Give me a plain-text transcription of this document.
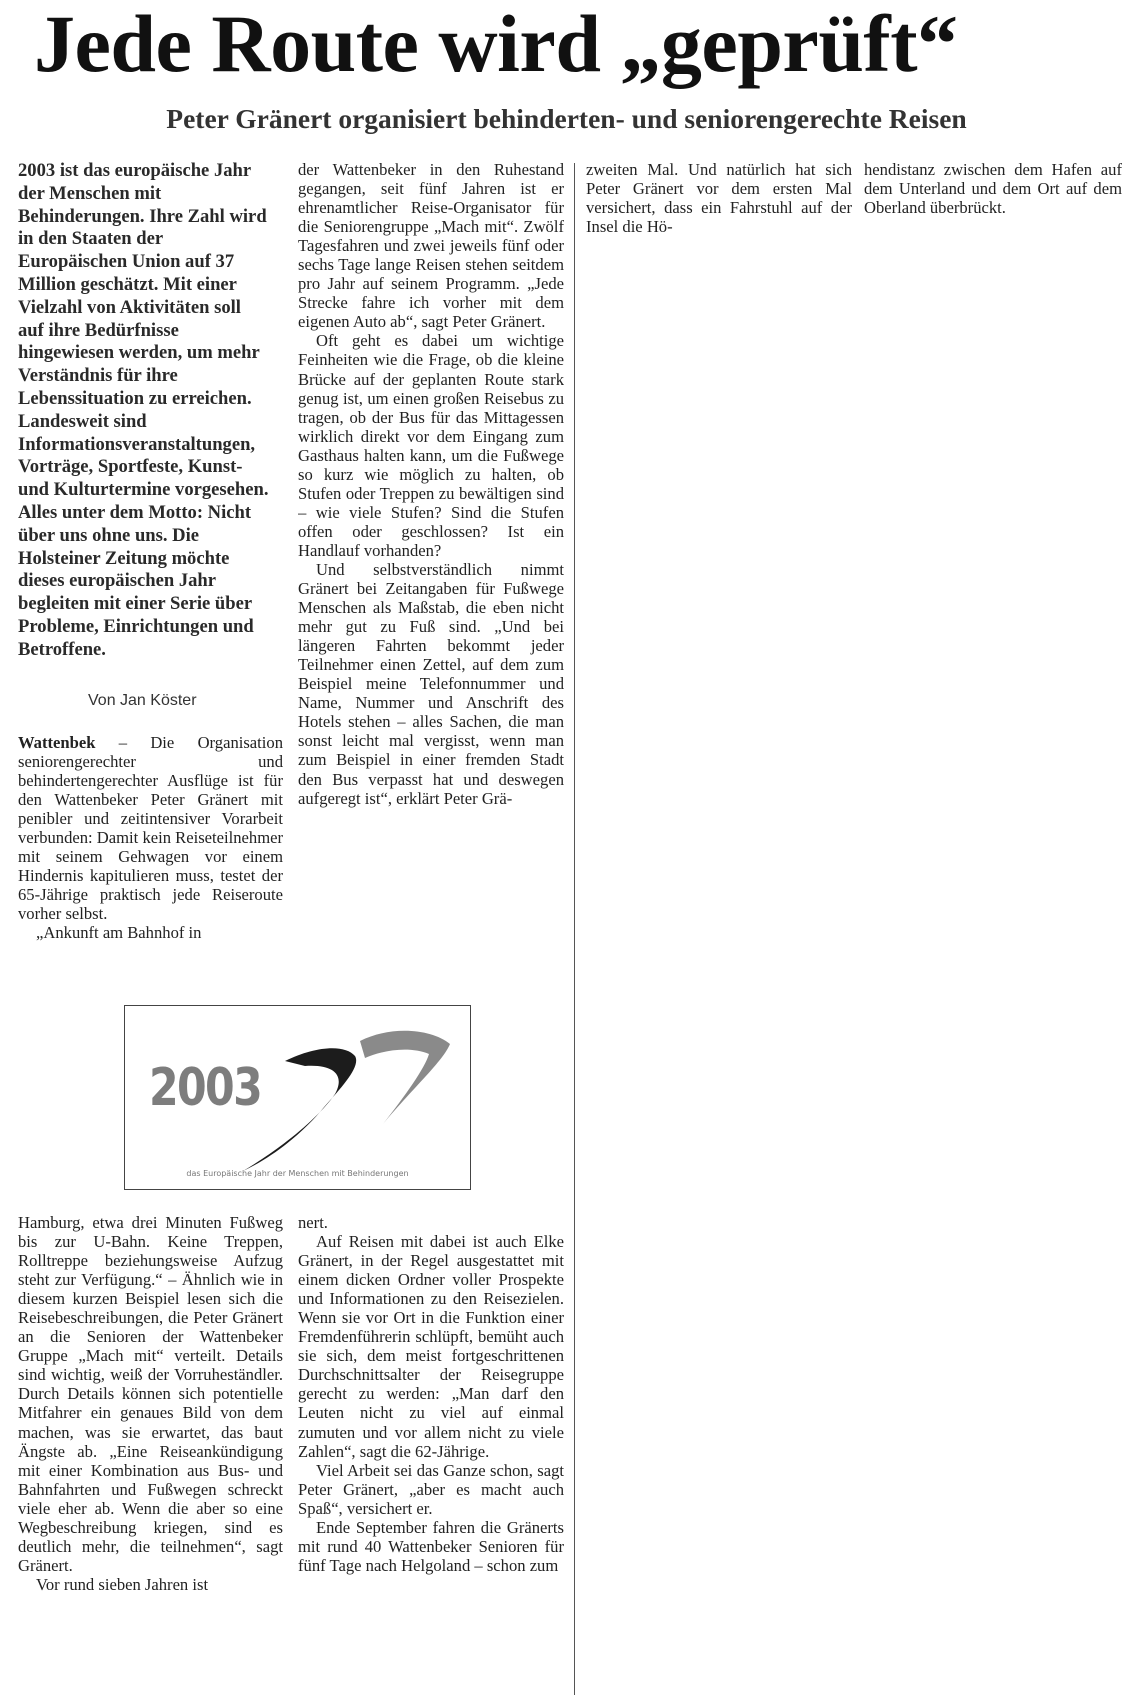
Jede Route wird „geprüft“
Peter Gränert organisiert behinderten- und seniorengerechte Reisen

2003 ist das europäische Jahr der Menschen mit Behinderungen. Ihre Zahl wird in den Staaten der Europäischen Union auf 37 Million geschätzt. Mit einer Vielzahl von Aktivitäten soll auf ihre Bedürfnisse hingewiesen werden, um mehr Verständnis für ihre Lebenssituation zu erreichen. Landesweit sind Informationsveranstaltungen, Vorträge, Sportfeste, Kunst- und Kulturtermine vorgesehen. Alles unter dem Motto: Nicht über uns ohne uns. Die Holsteiner Zeitung möchte dieses europäischen Jahr begleiten mit einer Serie über Probleme, Einrichtungen und Betroffene.

Von Jan Köster

Wattenbek – Die Organisation seniorengerechter und behindertengerechter Ausflüge ist für den Wattenbeker Peter Gränert mit penibler und zeitintensiver Vorarbeit verbunden: Damit kein Reiseteilnehmer mit seinem Gehwagen vor einem Hindernis kapitulieren muss, testet der 65-Jährige praktisch jede Reiseroute vorher selbst.

„Ankunft am Bahnhof in

der Wattenbeker in den Ruhestand gegangen, seit fünf Jahren ist er ehrenamtlicher Reise-Organisator für die Seniorengruppe „Mach mit“. Zwölf Tagesfahren und zwei jeweils fünf oder sechs Tage lange Reisen stehen seitdem pro Jahr auf seinem Programm. „Jede Strecke fahre ich vorher mit dem eigenen Auto ab“, sagt Peter Gränert.

Oft geht es dabei um wichtige Feinheiten wie die Frage, ob die kleine Brücke auf der geplanten Route stark genug ist, um einen großen Reisebus zu tragen, ob der Bus für das Mittagessen wirklich direkt vor dem Eingang zum Gasthaus halten kann, um die Fußwege so kurz wie möglich zu halten, ob Stufen oder Treppen zu bewältigen sind – wie viele Stufen? Sind die Stufen offen oder geschlossen? Ist ein Handlauf vorhanden?

Und selbstverständlich nimmt Gränert bei Zeitangaben für Fußwege Menschen als Maßstab, die eben nicht mehr gut zu Fuß sind. „Und bei längeren Fahrten bekommt jeder Teilnehmer einen Zettel, auf dem zum Beispiel meine Telefonnummer und Name, Nummer und Anschrift des Hotels stehen – alles Sachen, die man sonst leicht mal vergisst, wenn man zum Beispiel in einer fremden Stadt den Bus verpasst hat und deswegen aufgeregt ist“, erklärt Peter Grä-

2003
das Europäische Jahr der Menschen mit Behinderungen

Hamburg, etwa drei Minuten Fußweg bis zur U-Bahn. Keine Treppen, Rolltreppe beziehungsweise Aufzug steht zur Verfügung.“ – Ähnlich wie in diesem kurzen Beispiel lesen sich die Reisebeschreibungen, die Peter Gränert an die Senioren der Wattenbeker Gruppe „Mach mit“ verteilt. Details sind wichtig, weiß der Vorruheständler. Durch Details können sich potentielle Mitfahrer ein genaues Bild von dem machen, was sie erwartet, das baut Ängste ab. „Eine Reiseankündigung mit einer Kombination aus Bus- und Bahnfahrten und Fußwegen schreckt viele eher ab. Wenn die aber so eine Wegbeschreibung kriegen, sind es deutlich mehr, die teilnehmen“, sagt Gränert.

Vor rund sieben Jahren ist

nert.

Auf Reisen mit dabei ist auch Elke Gränert, in der Regel ausgestattet mit einem dicken Ordner voller Prospekte und Informationen zu den Reisezielen. Wenn sie vor Ort in die Funktion einer Fremdenführerin schlüpft, bemüht auch sie sich, dem meist fortgeschrittenen Durchschnittsalter der Reisegruppe gerecht zu werden: „Man darf den Leuten nicht zu viel auf einmal zumuten und vor allem nicht zu viele Zahlen“, sagt die 62-Jährige.

Viel Arbeit sei das Ganze schon, sagt Peter Gränert, „aber es macht auch Spaß“, versichert er.

Ende September fahren die Gränerts mit rund 40 Wattenbeker Senioren für fünf Tage nach Helgoland – schon zum

zweiten Mal. Und natürlich hat sich Peter Gränert vor dem ersten Mal versichert, dass ein Fahrstuhl auf der Insel die Hö-

hendistanz zwischen dem Hafen auf dem Unterland und dem Ort auf dem Oberland überbrückt.
